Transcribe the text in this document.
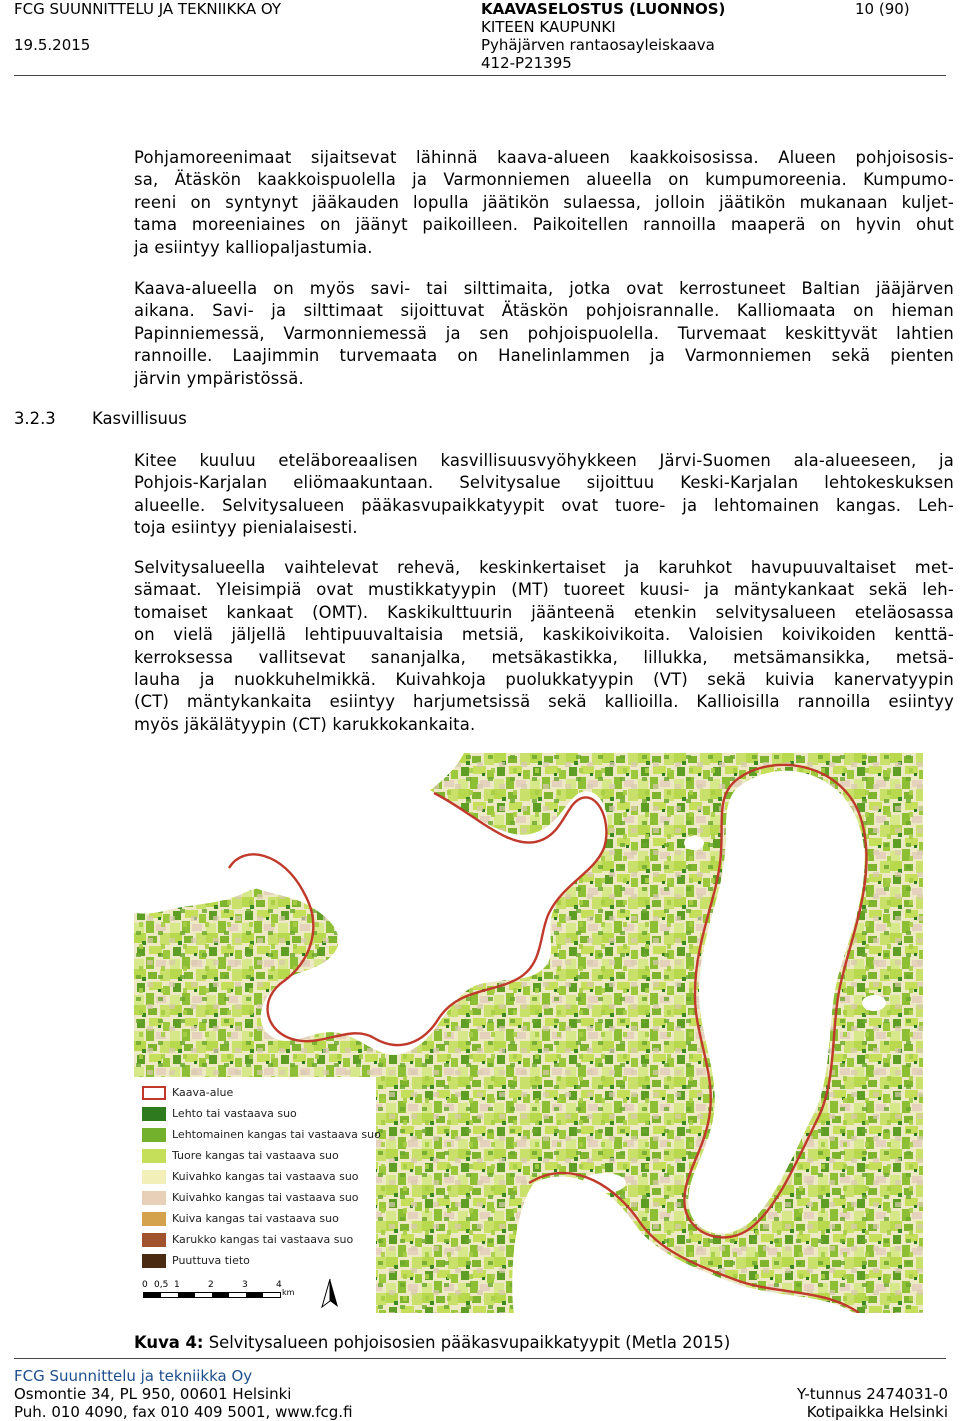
FCG SUUNNITTELU JA TEKNIIKKA OY
19.5.2015
KAAVASELOSTUS (LUONNOS)
KITEEN KAUPUNKI
Pyhäjärven rantaosayleiskaava
412-P21395
10 (90)
Pohjamoreenimaat sijaitsevat lähinnä kaava-alueen kaakkoisosissa. Alueen pohjoisosis-
sa, Ätäskön kaakkoispuolella ja Varmonniemen alueella on kumpumoreenia. Kumpumo-
reeni on syntynyt jääkauden lopulla jäätikön sulaessa, jolloin jäätikön mukanaan kuljet-
tama moreeniaines on jäänyt paikoilleen. Paikoitellen rannoilla maaperä on hyvin ohut
ja esiintyy kalliopaljastumia.
Kaava-alueella on myös savi- tai silttimaita, jotka ovat kerrostuneet Baltian jääjärven
aikana. Savi- ja silttimaat sijoittuvat Ätäskön pohjoisrannalle. Kalliomaata on hieman
Papinniemessä, Varmonniemessä ja sen pohjoispuolella. Turvemaat keskittyvät lahtien
rannoille. Laajimmin turvemaata on Hanelinlammen ja Varmonniemen sekä pienten
järvin ympäristössä.
3.2.3 Kasvillisuus
Kitee kuuluu eteläboreaalisen kasvillisuusvyöhykkeen Järvi-Suomen ala-alueeseen, ja
Pohjois-Karjalan eliömaakuntaan. Selvitysalue sijoittuu Keski-Karjalan lehtokeskuksen
alueelle. Selvitysalueen pääkasvupaikkatyypit ovat tuore- ja lehtomainen kangas. Leh-
toja esiintyy pienialaisesti.
Selvitysalueella vaihtelevat rehevä, keskinkertaiset ja karuhkot havupuuvaltaiset met-
sämaat. Yleisimpiä ovat mustikkatyypin (MT) tuoreet kuusi- ja mäntykankaat sekä leh-
tomaiset kankaat (OMT). Kaskikulttuurin jäänteenä etenkin selvitysalueen eteläosassa
on vielä jäljellä lehtipuuvaltaisia metsiä, kaskikoivikoita. Valoisien koivikoiden kenttä-
kerroksessa vallitsevat sananjalka, metsäkastikka, lillukka, metsämansikka, metsä-
lauha ja nuokkuhelmikkä. Kuivahkoja puolukkatyypin (VT) sekä kuivia kanervatyypin
(CT) mäntykankaita esiintyy harjumetsissä sekä kallioilla. Kallioisilla rannoilla esiintyy
myös jäkälätyypin (CT) karukkokankaita.
Kaava-alue
Lehto tai vastaava suo
Lehtomainen kangas tai vastaava suo
Tuore kangas tai vastaava suo
Kuivahko kangas tai vastaava suo
Kuivahko kangas tai vastaava suo
Kuiva kangas tai vastaava suo
Karukko kangas tai vastaava suo
Puuttuva tieto
0 0,5 1	2	3	4
km
Kuva 4: Selvitysalueen pohjoisosien pääkasvupaikkatyypit (Metla 2015)
FCG Suunnittelu ja tekniikka Oy
Osmontie 34, PL 950, 00601 Helsinki
Puh. 010 4090, fax 010 409 5001, www.fcg.fi
Y-tunnus 2474031-0
Kotipaikka Helsinki
